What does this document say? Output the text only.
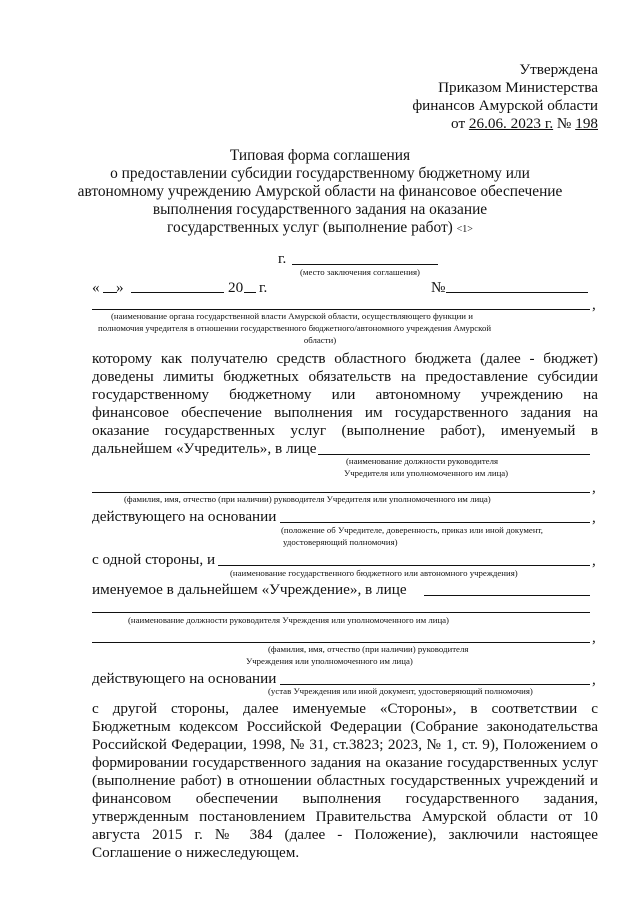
Утверждена
Приказом Министерства
финансов Амурской области
от 26.06. 2023 г. № 198
Типовая форма соглашения
о предоставлении субсидии государственному бюджетному или
автономному учреждению Амурской области на финансовое обеспечение
выполнения государственного задания на оказание
государственных услуг (выполнение работ) <1>
г.
(место заключения соглашения)
« »	20 г.	№
,
(наименование органа государственной власти Амурской области, осуществляющего функции и
полномочия учредителя в отношении государственного бюджетного/автономного учреждения Амурской
области)
которому как получателю средств областного бюджета (далее - бюджет)
доведены лимиты бюджетных обязательств на предоставление субсидии
государственному бюджетному или автономному учреждению на
финансовое обеспечение выполнения им государственного задания на
оказание государственных услуг (выполнение работ), именуемый в
дальнейшем «Учредитель», в лице
(наименование должности руководителя
Учредителя или уполномоченного им лица)
,
(фамилия, имя, отчество (при наличии) руководителя Учредителя или уполномоченного им лица)
действующего на основании	,
(положение об Учредителе, доверенность, приказ или иной документ,
удостоверяющий полномочия)
с одной стороны, и	,
(наименование государственного бюджетного или автономного учреждения)
именуемое в дальнейшем «Учреждение», в лице
(наименование должности руководителя Учреждения или уполномоченного им лица)
,
(фамилия, имя, отчество (при наличии) руководителя
Учреждения или уполномоченного им лица)
действующего на основании	,
(устав Учреждения или иной документ, удостоверяющий полномочия)
с другой стороны, далее именуемые «Стороны», в соответствии с
Бюджетным кодексом Российской Федерации (Собрание законодательства
Российской Федерации, 1998, № 31, ст.3823; 2023, № 1, ст. 9), Положением о
формировании государственного задания на оказание государственных услуг
(выполнение работ) в отношении областных государственных учреждений и
финансовом обеспечении выполнения государственного задания,
утвержденным постановлением Правительства Амурской области от 10
августа 2015 г. № 384 (далее - Положение), заключили настоящее
Соглашение о нижеследующем.
